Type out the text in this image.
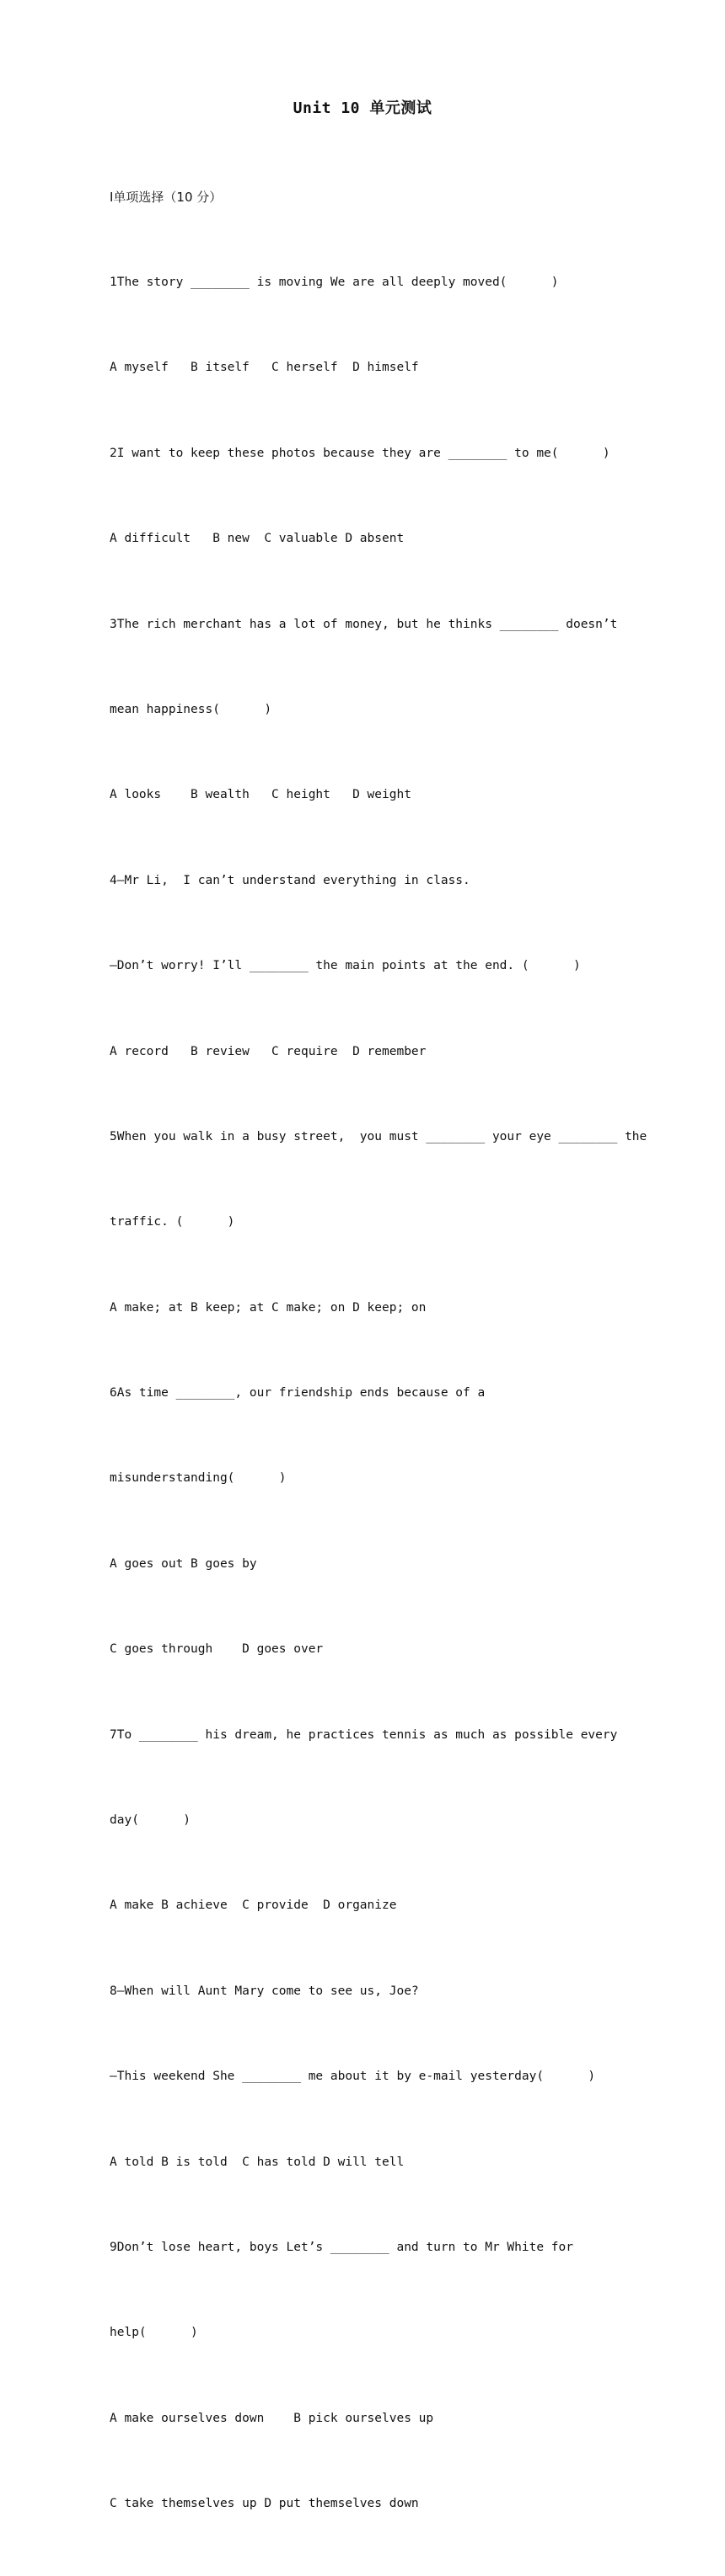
Unit 10 单元测试

Ⅰ单项选择（10 分）

1The story ________ is moving We are all deeply moved(      )

A myself   B itself   C herself  D himself

2I want to keep these photos because they are ________ to me(      )

A difficult   B new  C valuable D absent

3The rich merchant has a lot of money, but he thinks ________ doesn’t

mean happiness(      )

A looks    B wealth   C height   D weight

4—Mr Li,  I can’t understand everything in class.

—Don’t worry! I’ll ________ the main points at the end. (      )

A record   B review   C require  D remember

5When you walk in a busy street,  you must ________ your eye ________ the

traffic. (      )

A make; at B keep; at C make; on D keep; on

6As time ________, our friendship ends because of a

misunderstanding(      )

A goes out B goes by

C goes through    D goes over

7To ________ his dream, he practices tennis as much as possible every

day(      )

A make B achieve  C provide  D organize

8—When will Aunt Mary come to see us, Joe?

—This weekend She ________ me about it by e-mail yesterday(      )

A told B is told  C has told D will tell

9Don’t lose heart, boys Let’s ________ and turn to Mr White for

help(      )

A make ourselves down    B pick ourselves up

C take themselves up D put themselves down
